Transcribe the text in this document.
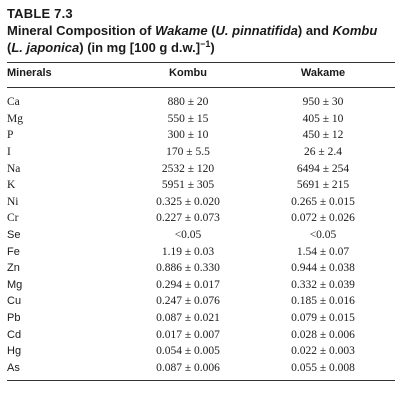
TABLE 7.3
Mineral Composition of Wakame (U. pinnatifida) and Kombu (L. japonica) (in mg [100 g d.w.]$^{-1}$)
Minerals	Kombu	Wakame
Ca	880 ± 20	950 ± 30
Mg	550 ± 15	405 ± 10
P	300 ± 10	450 ± 12
I	170 ± 5.5	26 ± 2.4
Na	2532 ± 120	6494 ± 254
K	5951 ± 305	5691 ± 215
Ni	0.325 ± 0.020	0.265 ± 0.015
Cr	0.227 ± 0.073	0.072 ± 0.026
Se	<0.05	<0.05
Fe	1.19 ± 0.03	1.54 ± 0.07
Zn	0.886 ± 0.330	0.944 ± 0.038
Mg	0.294 ± 0.017	0.332 ± 0.039
Cu	0.247 ± 0.076	0.185 ± 0.016
Pb	0.087 ± 0.021	0.079 ± 0.015
Cd	0.017 ± 0.007	0.028 ± 0.006
Hg	0.054 ± 0.005	0.022 ± 0.003
As	0.087 ± 0.006	0.055 ± 0.008
